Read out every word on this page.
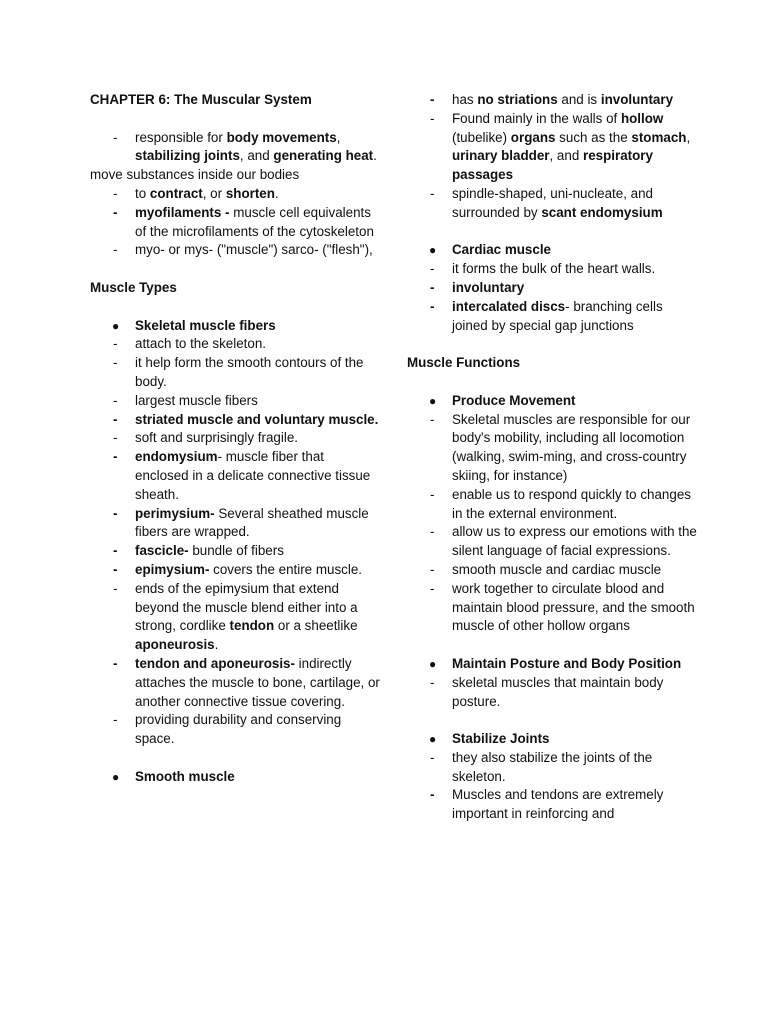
CHAPTER 6: The Muscular System
-	responsible for body movements, stabilizing joints, and generating heat.
move substances inside our bodies
-	to contract, or shorten.
-	myofilaments - muscle cell equivalents of the microfilaments of the cytoskeleton
-	myo- or mys- ("muscle") sarco- ("flesh"),
Muscle Types
●	Skeletal muscle fibers
-	attach to the skeleton.
-	it help form the smooth contours of the body.
-	largest muscle fibers
-	striated muscle and voluntary muscle.
-	soft and surprisingly fragile.
-	endomysium- muscle fiber that enclosed in a delicate connective tissue sheath.
-	perimysium- Several sheathed muscle fibers are wrapped.
-	fascicle- bundle of fibers
-	epimysium- covers the entire muscle.
-	ends of the epimysium that extend beyond the muscle blend either into a strong, cordlike tendon or a sheetlike aponeurosis.
-	tendon and aponeurosis- indirectly attaches the muscle to bone, cartilage, or another connective tissue covering.
-	providing durability and conserving space.
●	Smooth muscle
-	has no striations and is involuntary
-	Found mainly in the walls of hollow (tubelike) organs such as the stomach, urinary bladder, and respiratory passages
-	spindle-shaped, uni-nucleate, and surrounded by scant endomysium
●	Cardiac muscle
-	it forms the bulk of the heart walls.
-	involuntary
-	intercalated discs- branching cells joined by special gap junctions
Muscle Functions
●	Produce Movement
-	Skeletal muscles are responsible for our body's mobility, including all locomotion (walking, swim-ming, and cross-country skiing, for instance)
-	enable us to respond quickly to changes in the external environment.
-	allow us to express our emotions with the silent language of facial expressions.
-	smooth muscle and cardiac muscle
-	work together to circulate blood and maintain blood pressure, and the smooth muscle of other hollow organs
●	Maintain Posture and Body Position
-	skeletal muscles that maintain body posture.
●	Stabilize Joints
-	they also stabilize the joints of the skeleton.
-	Muscles and tendons are extremely important in reinforcing and
